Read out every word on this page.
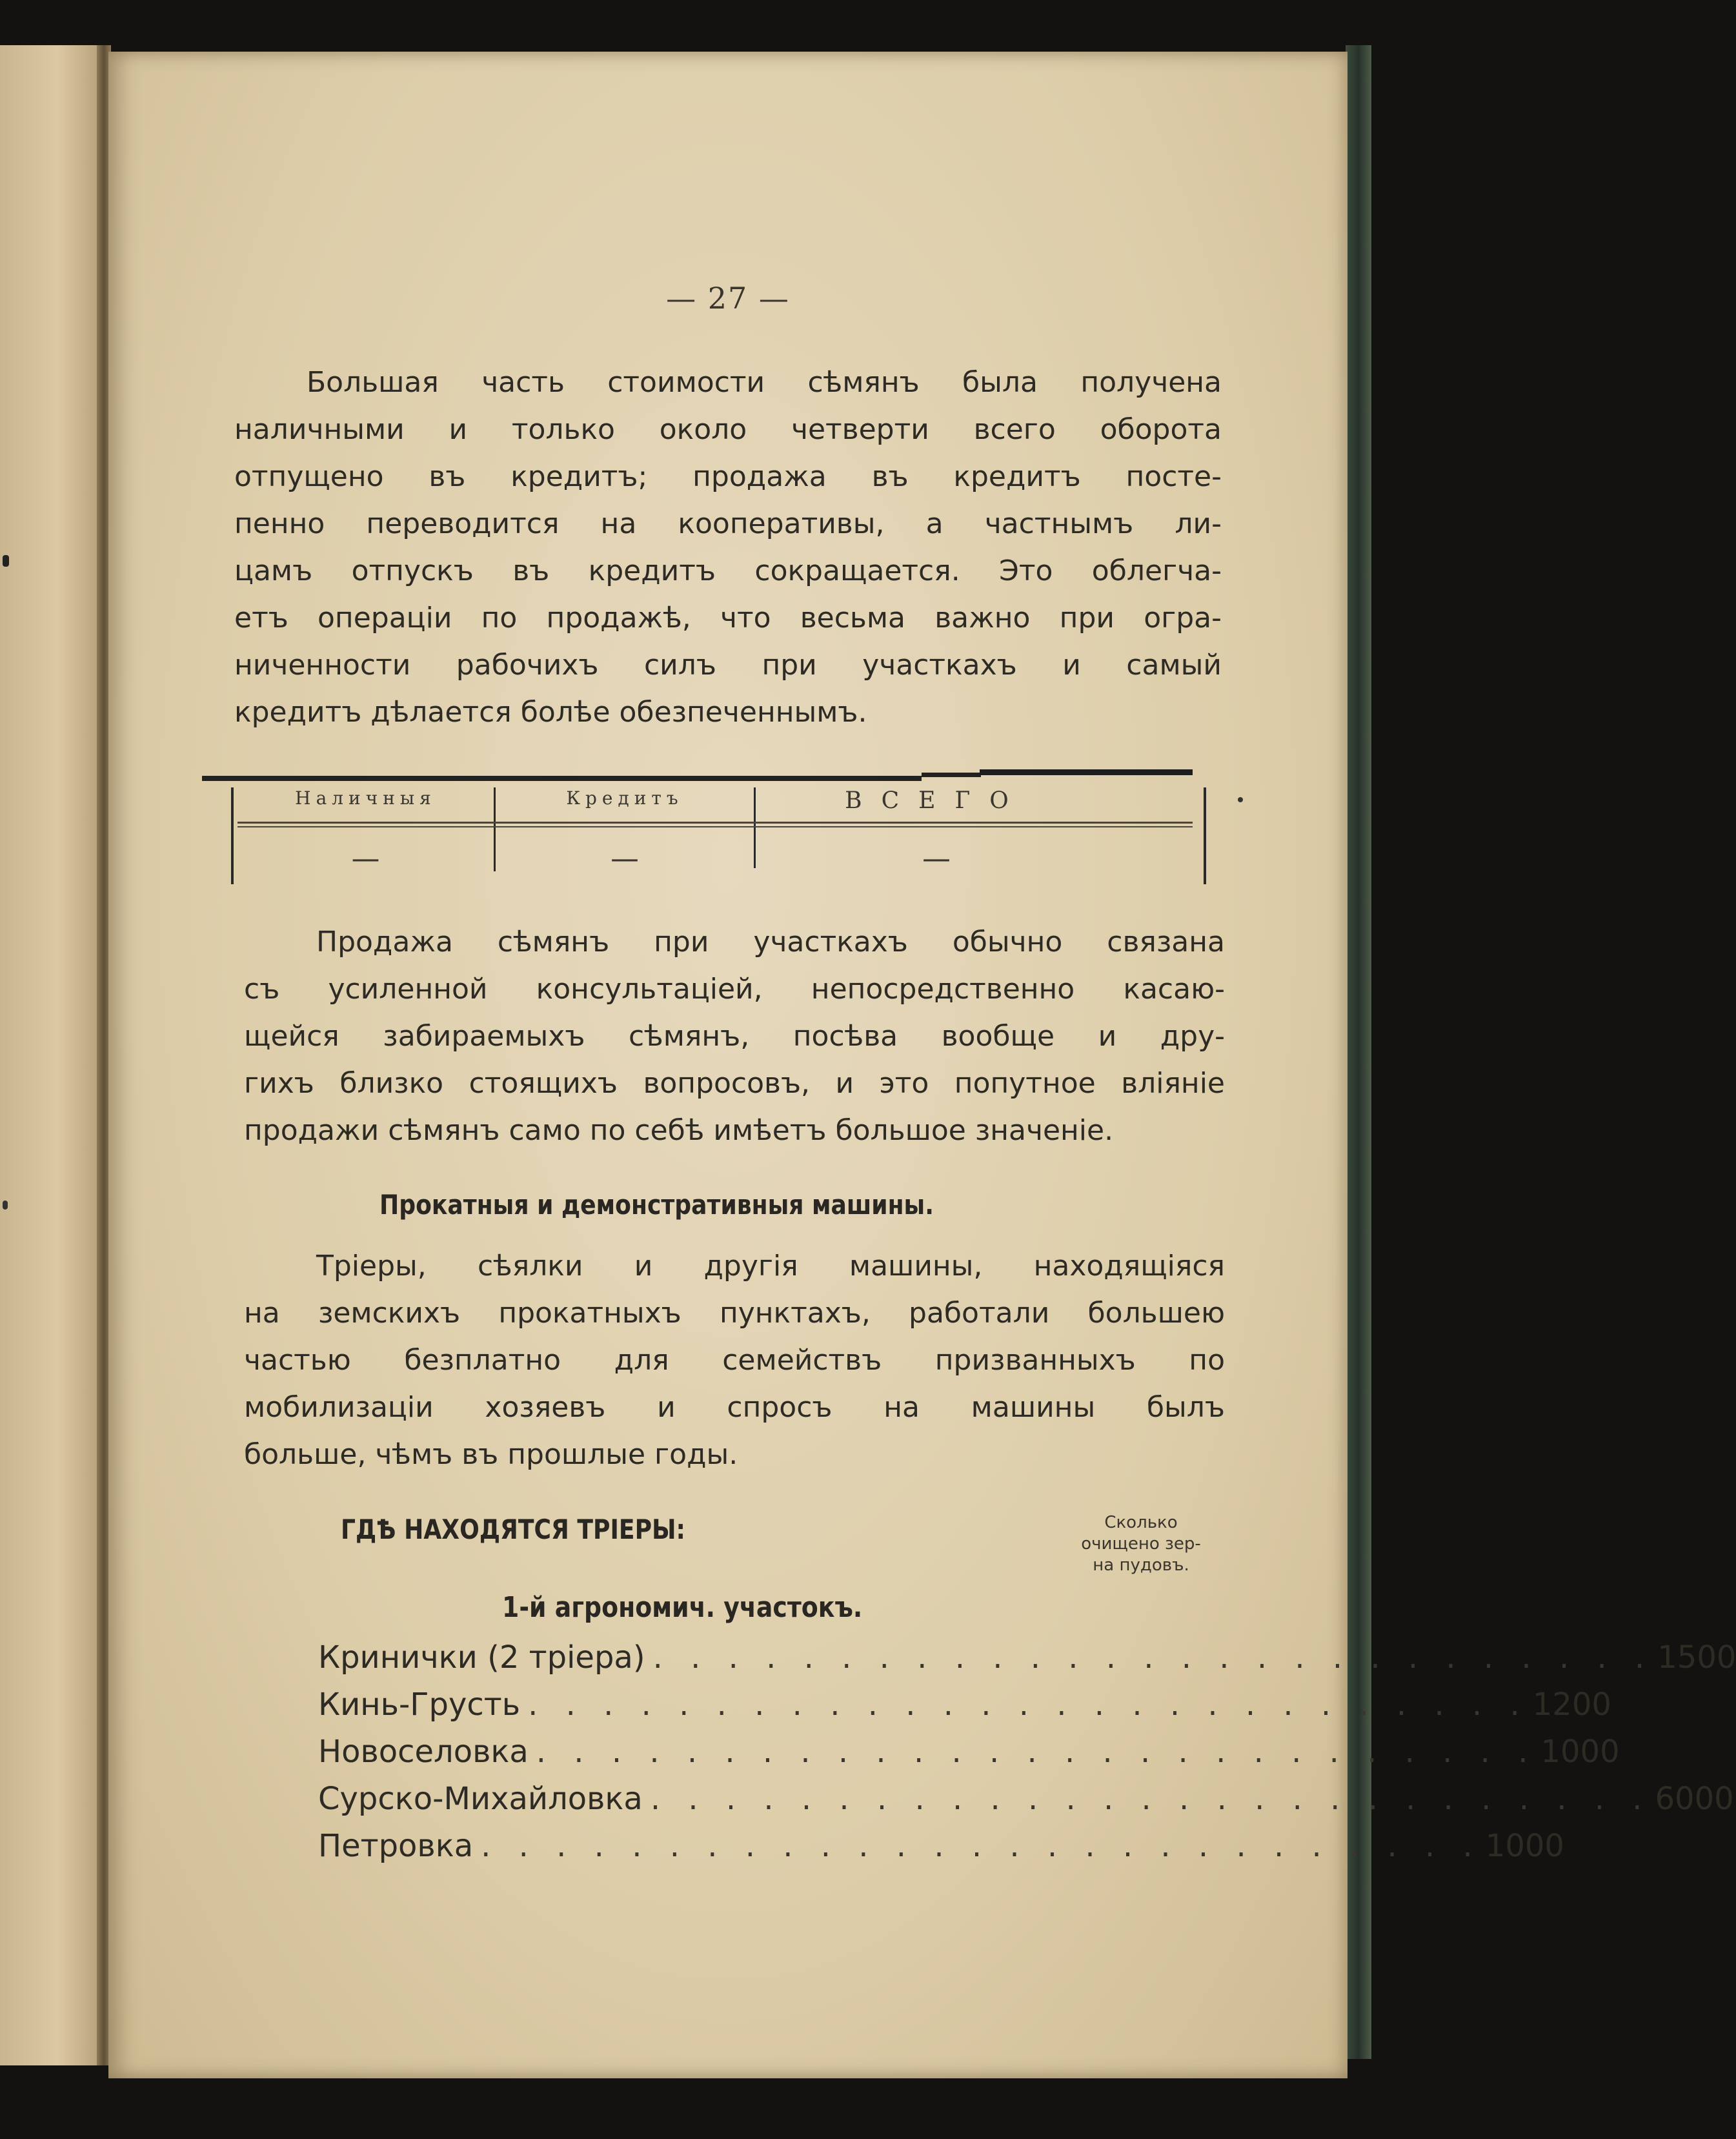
— 27 —
Большая часть стоимости сѣмянъ была получена
наличными и только около четверти всего оборота
отпущено въ кредитъ; продажа въ кредитъ посте-
пенно переводится на кооперативы, а частнымъ ли-
цамъ отпускъ въ кредитъ сокращается. Это облегча-
етъ операцiи по продажѣ, что весьма важно при огра-
ниченности рабочихъ силъ при участкахъ и самый
кредитъ дѣлается болѣе обезпеченнымъ.
Наличныя	Кредитъ	ВСЕГО
—	—	—
Продажа сѣмянъ при участкахъ обычно связана
съ усиленной консультацiей, непосредственно касаю-
щейся забираемыхъ сѣмянъ, посѣва вообще и дру-
гихъ близко стоящихъ вопросовъ, и это попутное влiянiе
продажи сѣмянъ само по себѣ имѣетъ большое значенiе.
Прокатныя и демонстративныя машины.
Трiеры, сѣялки и другiя машины, находящiяся
на земскихъ прокатныхъ пунктахъ, работали большею
частью безплатно для семействъ призванныхъ по
мобилизацiи хозяевъ и спросъ на машины былъ
больше, чѣмъ въ прошлые годы.
ГДѢ НАХОДЯТСЯ ТРIЕРЫ:	Сколько
очищено зер-
на пудовъ.
1-й агрономич. участокъ.
Кринички (2 трiера) . . . . . . . . . . . . . . . . . . . . . . . . . . . 1500
Кинь-Грусть . . . . . . . . . . . . . . . . . . . . . . . . . . . 1200
Новоселовка . . . . . . . . . . . . . . . . . . . . . . . . . . . 1000
Сурско-Михайловка . . . . . . . . . . . . . . . . . . . . . . . . . . . 6000
Петровка . . . . . . . . . . . . . . . . . . . . . . . . . . . 1000
